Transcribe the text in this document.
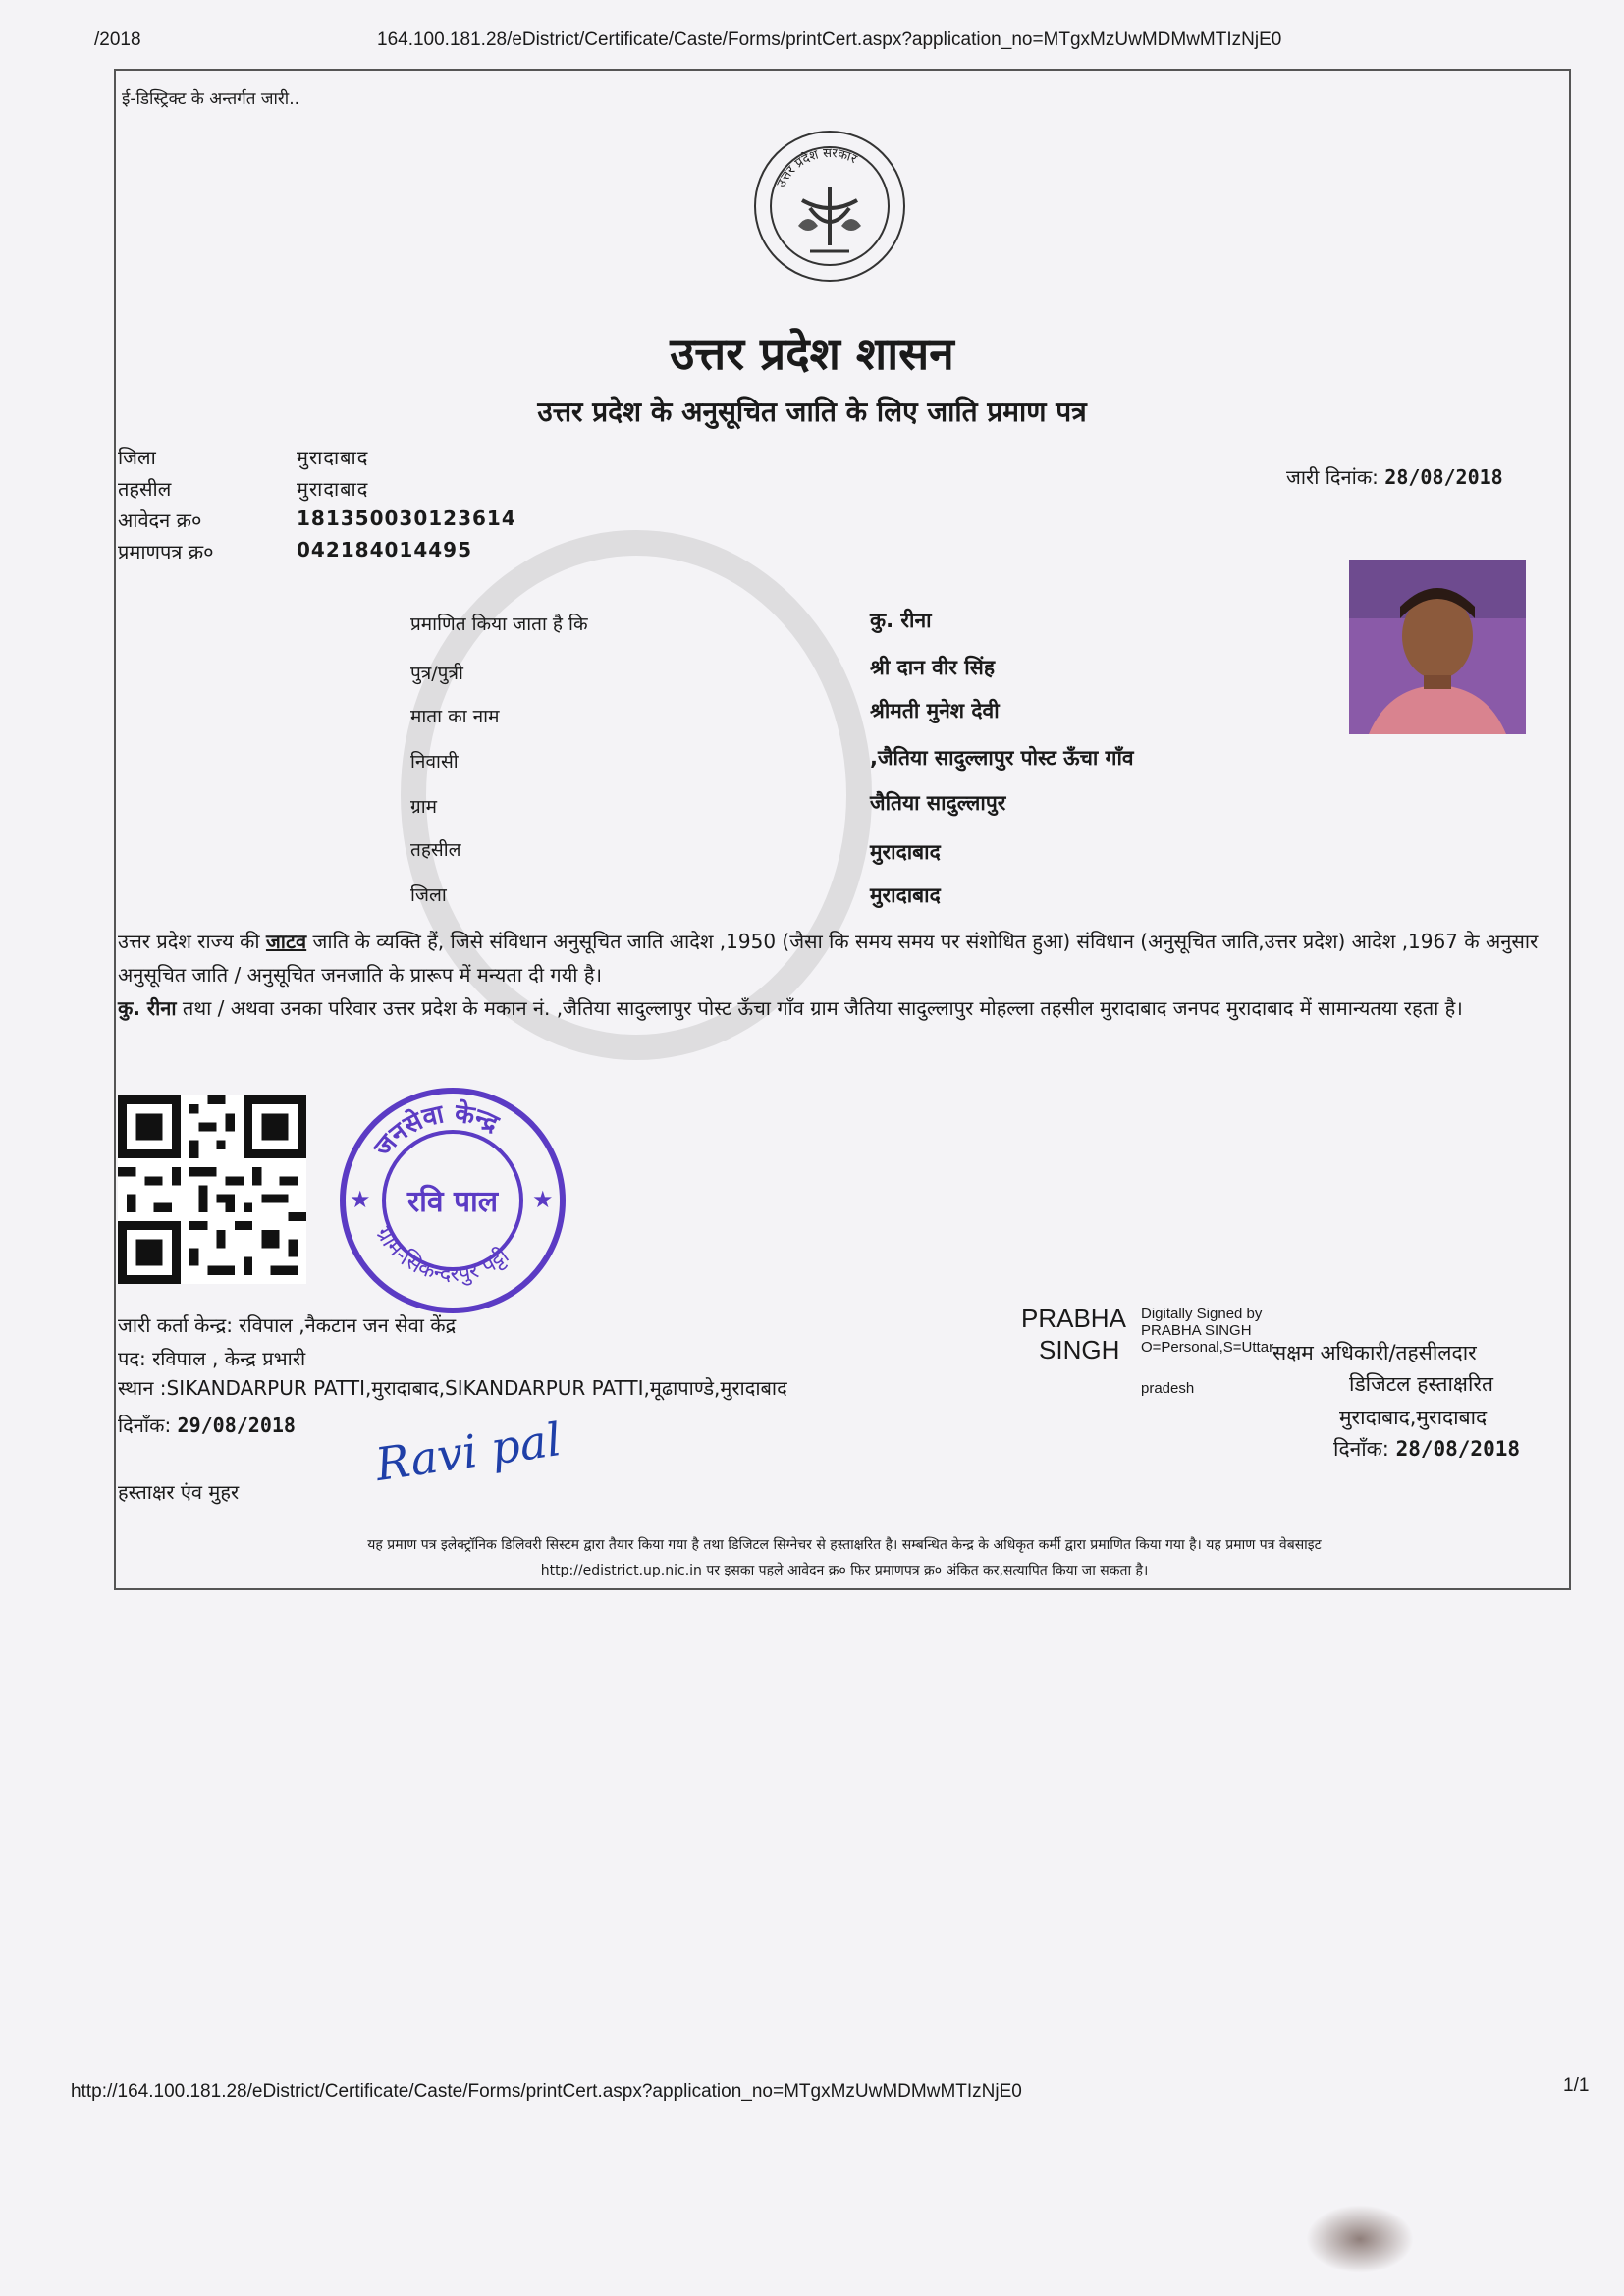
/2018	164.100.181.28/eDistrict/Certificate/Caste/Forms/printCert.aspx?application_no=MTgxMzUwMDMwMTIzNjE0
ई-डिस्ट्रिक्ट के अन्तर्गत जारी..
उत्तर प्रदेश सरकार
उत्तर प्रदेश शासन
उत्तर प्रदेश के अनुसूचित जाति के लिए जाति प्रमाण पत्र
जिला	मुरादाबाद
तहसील	मुरादाबाद
आवेदन क्र०	181350030123614
प्रमाणपत्र क्र०	042184014495
जारी दिनांक: 28/08/2018
प्रमाणित किया जाता है कि	कु. रीना
पुत्र/पुत्री	श्री दान वीर सिंह
माता का नाम	श्रीमती मुनेश देवी
निवासी	,जैतिया सादुल्लापुर पोस्ट ऊँचा गाँव
ग्राम	जैतिया सादुल्लापुर
तहसील	मुरादाबाद
जिला	मुरादाबाद
उत्तर प्रदेश राज्य की जाटव जाति के व्यक्ति हैं, जिसे संविधान अनुसूचित जाति आदेश ,1950 (जैसा कि समय समय पर संशोधित हुआ) संविधान (अनुसूचित जाति,उत्तर प्रदेश) आदेश ,1967 के अनुसार अनुसूचित जाति / अनुसूचित जनजाति के प्रारूप में मन्यता दी गयी है।
कु. रीना तथा / अथवा उनका परिवार उत्तर प्रदेश के मकान नं. ,जैतिया सादुल्लापुर पोस्ट ऊँचा गाँव ग्राम जैतिया सादुल्लापुर मोहल्ला तहसील मुरादाबाद जनपद मुरादाबाद में सामान्यतया रहता है।
जनसेवा केन्द्र
ग्राम-सिकन्दरपुर पट्टी
रवि पाल
★	★
जारी कर्ता केन्द्र: रविपाल ,नैकटान जन सेवा केंद्र
पद: रविपाल , केन्द्र प्रभारी
स्थान :SIKANDARPUR PATTI,मुरादाबाद,SIKANDARPUR PATTI,मूढापाण्डे,मुरादाबाद
दिनाँक: 29/08/2018
हस्ताक्षर एंव मुहर
Ravi pal
PRABHA
SINGH
Digitally Signed by
PRABHA SINGH
O=Personal,S=Uttar
pradesh
सक्षम अधिकारी/तहसीलदार
डिजिटल हस्ताक्षरित
मुरादाबाद,मुरादाबाद
दिनाँक: 28/08/2018
यह प्रमाण पत्र इलेक्ट्रॉनिक डिलिवरी सिस्टम द्वारा तैयार किया गया है तथा डिजिटल सिग्नेचर से हस्ताक्षरित है। सम्बन्धित केन्द्र के अधिकृत कर्मी द्वारा प्रमाणित किया गया है। यह प्रमाण पत्र वेबसाइट
http://edistrict.up.nic.in पर इसका पहले आवेदन क्र० फिर प्रमाणपत्र क्र० अंकित कर,सत्यापित किया जा सकता है।
http://164.100.181.28/eDistrict/Certificate/Caste/Forms/printCert.aspx?application_no=MTgxMzUwMDMwMTIzNjE0	1/1
